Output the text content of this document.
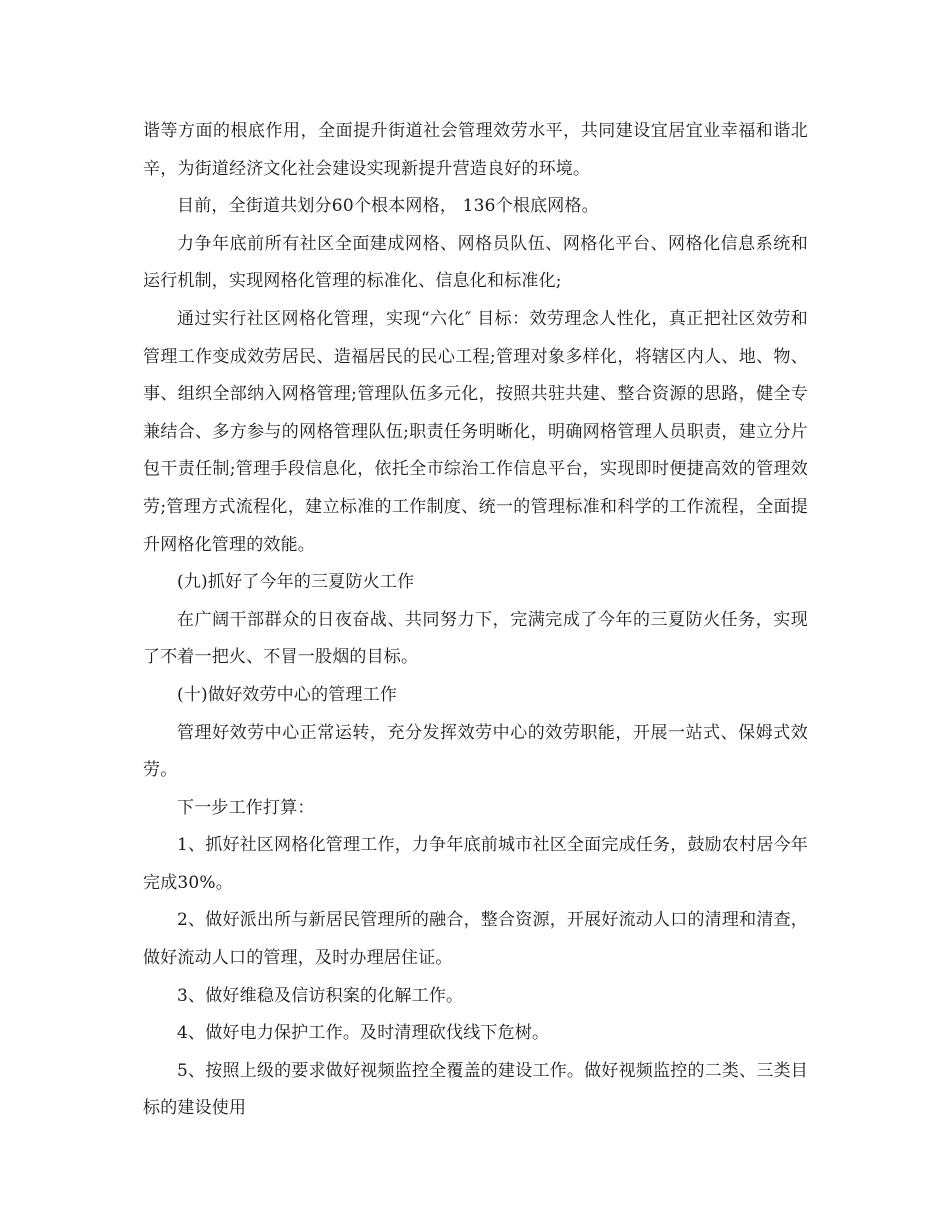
谐等方面的根底作用，全面提升街道社会管理效劳水平，共同建设宜居宜业幸福和谐北辛，为街道经济文化社会建设实现新提升营造良好的环境。

目前，全街道共划分60个根本网格， 136个根底网格。

力争年底前所有社区全面建成网格、网格员队伍、网格化平台、网格化信息系统和运行机制，实现网格化管理的标准化、信息化和标准化;

通过实行社区网格化管理，实现“六化″ 目标：效劳理念人性化，真正把社区效劳和管理工作变成效劳居民、造福居民的民心工程;管理对象多样化，将辖区内人、地、物、事、组织全部纳入网格管理;管理队伍多元化，按照共驻共建、整合资源的思路，健全专兼结合、多方参与的网格管理队伍;职责任务明晰化，明确网格管理人员职责，建立分片包干责任制;管理手段信息化，依托全市综治工作信息平台，实现即时便捷高效的管理效劳;管理方式流程化，建立标准的工作制度、统一的管理标准和科学的工作流程，全面提升网格化管理的效能。

(九)抓好了今年的三夏防火工作

在广阔干部群众的日夜奋战、共同努力下，完满完成了今年的三夏防火任务，实现了不着一把火、不冒一股烟的目标。

(十)做好效劳中心的管理工作

管理好效劳中心正常运转，充分发挥效劳中心的效劳职能，开展一站式、保姆式效劳。

下一步工作打算：

1、抓好社区网格化管理工作，力争年底前城市社区全面完成任务，鼓励农村居今年完成30%。

2、做好派出所与新居民管理所的融合，整合资源，开展好流动人口的清理和清查，做好流动人口的管理，及时办理居住证。

3、做好维稳及信访积案的化解工作。

4、做好电力保护工作。及时清理砍伐线下危树。

5、按照上级的要求做好视频监控全覆盖的建设工作。做好视频监控的二类、三类目标的建设使用
